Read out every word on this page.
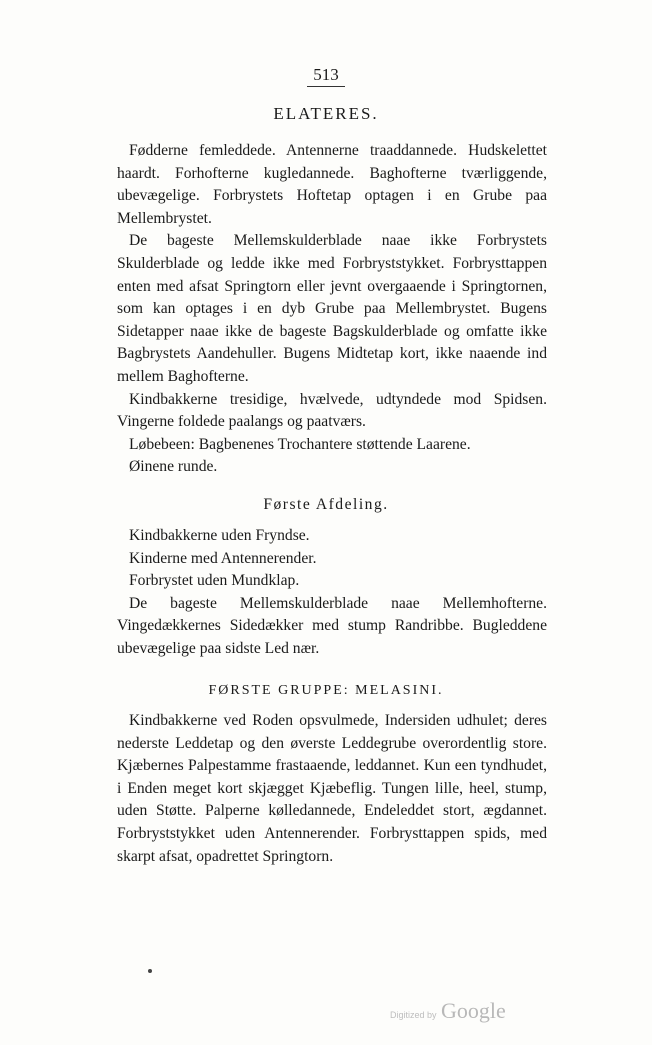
513
ELATERES.

Fødderne femleddede. Antennerne traaddannede. Hudskelettet haardt. Forhofterne kugledannede. Baghofterne tværliggende, ubevægelige. Forbrystets Hoftetap optagen i en Grube paa Mellembrystet.

De bageste Mellemskulderblade naae ikke Forbrystets Skulderblade og ledde ikke med Forbryststykket. Forbrysttappen enten med afsat Springtorn eller jevnt overgaaende i Springtornen, som kan optages i en dyb Grube paa Mellembrystet. Bugens Sidetapper naae ikke de bageste Bagskulderblade og omfatte ikke Bagbrystets Aandehuller. Bugens Midtetap kort, ikke naaende ind mellem Baghofterne.

Kindbakkerne tresidige, hvælvede, udtyndede mod Spidsen. Vingerne foldede paalangs og paatværs.

Løbebeen: Bagbenenes Trochantere støttende Laarene.

Øinene runde.

Første Afdeling.

Kindbakkerne uden Fryndse.

Kinderne med Antennerender.

Forbrystet uden Mundklap.

De bageste Mellemskulderblade naae Mellemhofterne. Vingedækkernes Sidedækker med stump Randribbe. Bugleddene ubevægelige paa sidste Led nær.

FØRSTE GRUPPE: MELASINI.

Kindbakkerne ved Roden opsvulmede, Indersiden udhulet; deres nederste Leddetap og den øverste Leddegrube overordentlig store. Kjæbernes Palpestamme frastaaende, leddannet. Kun een tyndhudet, i Enden meget kort skjægget Kjæbeflig. Tungen lille, heel, stump, uden Støtte. Palperne kølledannede, Endeleddet stort, ægdannet. Forbryststykket uden Antennerender. Forbrysttappen spids, med skarpt afsat, opadrettet Springtorn.

Digitized by Google
